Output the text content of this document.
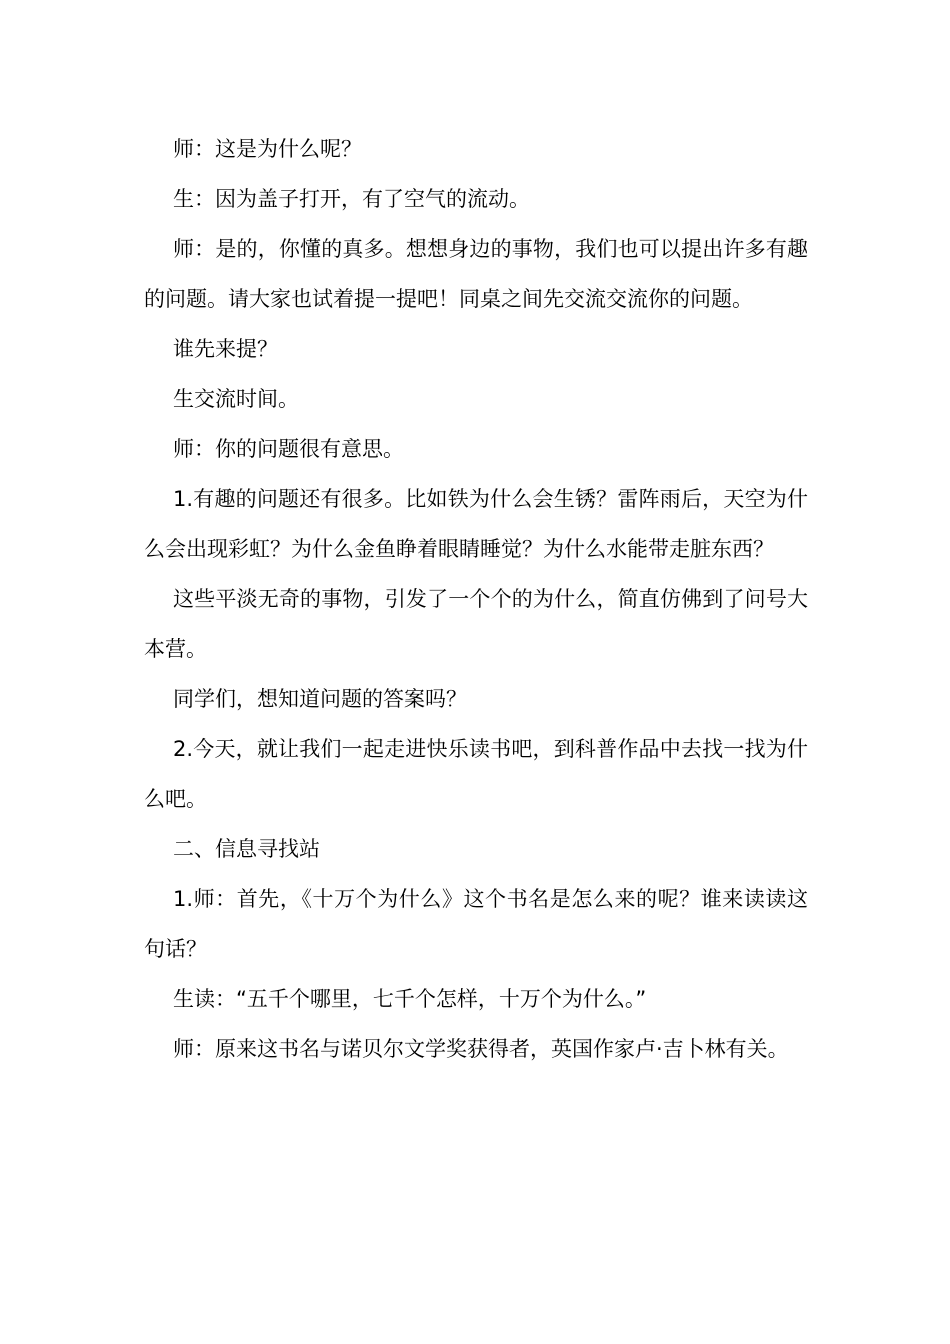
师：这是为什么呢？

生：因为盖子打开，有了空气的流动。

师：是的，你懂的真多。想想身边的事物，我们也可以提出许多有趣的问题。请大家也试着提一提吧！同桌之间先交流交流你的问题。

谁先来提？

生交流时间。

师：你的问题很有意思。

1.有趣的问题还有很多。比如铁为什么会生锈？雷阵雨后，天空为什么会出现彩虹？为什么金鱼睁着眼睛睡觉？为什么水能带走脏东西？

这些平淡无奇的事物，引发了一个个的为什么，简直仿佛到了问号大本营。

同学们，想知道问题的答案吗？

2.今天，就让我们一起走进快乐读书吧，到科普作品中去找一找为什么吧。

二、信息寻找站

1.师：首先，《十万个为什么》这个书名是怎么来的呢？谁来读读这句话？

生读：“五千个哪里，七千个怎样，十万个为什么。”

师：原来这书名与诺贝尔文学奖获得者，英国作家卢·吉卜林有关。
